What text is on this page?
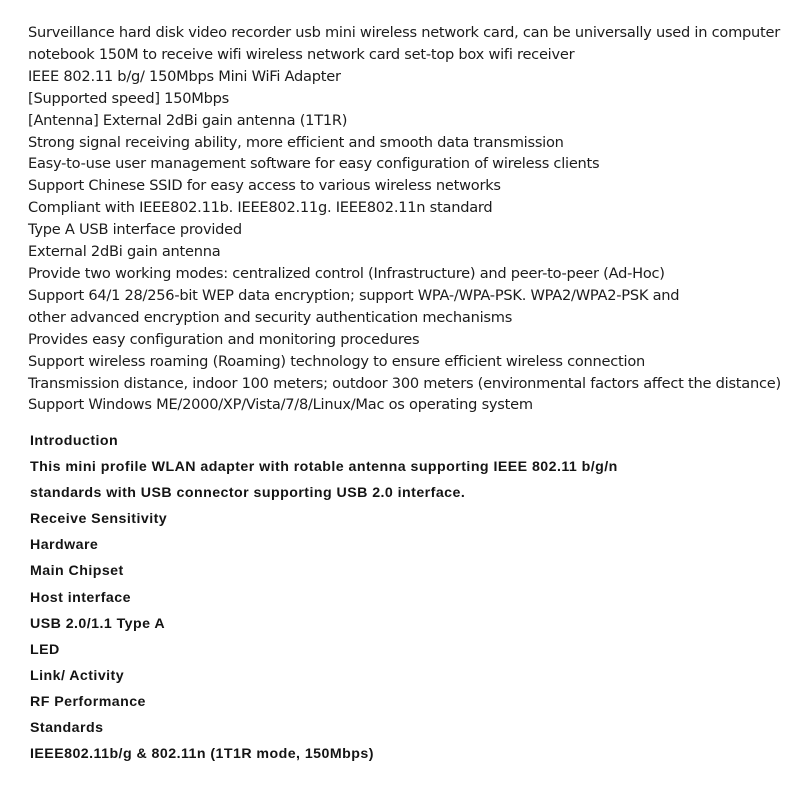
Surveillance hard disk video recorder usb mini wireless network card, can be universally used in computer
notebook 150M to receive wifi wireless network card set-top box wifi receiver
IEEE 802.11 b/g/ 150Mbps Mini WiFi Adapter
[Supported speed] 150Mbps
[Antenna] External 2dBi gain antenna (1T1R)
Strong signal receiving ability, more efficient and smooth data transmission
Easy-to-use user management software for easy configuration of wireless clients
Support Chinese SSID for easy access to various wireless networks
Compliant with IEEE802.11b. IEEE802.11g. IEEE802.11n standard
Type A USB interface provided
External 2dBi gain antenna
Provide two working modes: centralized control (Infrastructure) and peer-to-peer (Ad-Hoc)
Support 64/1 28/256-bit WEP data encryption; support WPA-/WPA-PSK. WPA2/WPA2-PSK and
other advanced encryption and security authentication mechanisms
Provides easy configuration and monitoring procedures
Support wireless roaming (Roaming) technology to ensure efficient wireless connection
Transmission distance, indoor 100 meters; outdoor 300 meters (environmental factors affect the distance)
Support Windows ME/2000/XP/Vista/7/8/Linux/Mac os operating system
Introduction
This mini profile WLAN adapter with rotable antenna supporting IEEE 802.11 b/g/n
standards with USB connector supporting USB 2.0 interface.
Receive Sensitivity
Hardware
Main Chipset
Host interface
USB 2.0/1.1 Type A
LED
Link/ Activity
RF Performance
Standards
IEEE802.11b/g & 802.11n (1T1R mode, 150Mbps)
